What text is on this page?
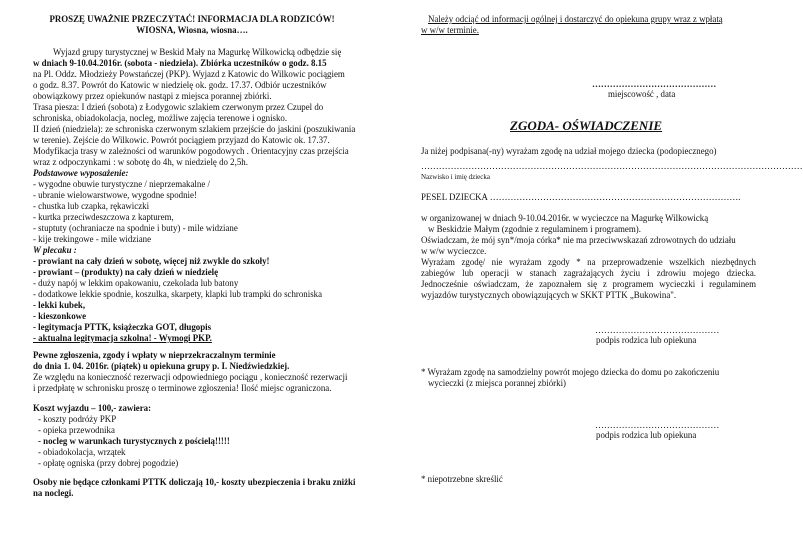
PROSZĘ UWAŻNIE PRZECZYTAĆ! INFORMACJA DLA RODZICÓW!
WIOSNA, Wiosna, wiosna….
Wyjazd grupy turystycznej w Beskid Mały na Magurkę Wilkowicką odbędzie się
w dniach 9-10.04.2016r. (sobota - niedziela). Zbiórka uczestników o godz. 8.15
na Pl. Oddz. Młodzieży Powstańczej (PKP). Wyjazd z Katowic do Wilkowic pociągiem
o godz. 8.37. Powrót do Katowic w niedzielę ok. godz. 17.37. Odbiór uczestników
obowiązkowy przez opiekunów nastąpi z miejsca porannej zbiórki.
Trasa piesza: I dzień (sobota) z Łodygowic szlakiem czerwonym przez Czupel do
schroniska, obiadokolacja, nocleg, możliwe zajęcia terenowe i ognisko.
II dzień (niedziela): ze schroniska czerwonym szlakiem przejście do jaskini (poszukiwania
w terenie). Zejście do Wilkowic. Powrót pociągiem przyjazd do Katowic ok. 17.37.
Modyfikacja trasy w zależności od warunków pogodowych . Orientacyjny czas przejścia
wraz z odpoczynkami : w sobotę do 4h, w niedzielę do 2,5h.
Podstawowe wyposażenie:
- wygodne obuwie turystyczne / nieprzemakalne /
- ubranie wielowarstwowe, wygodne spodnie!
- chustka lub czapka, rękawiczki
- kurtka przeciwdeszczowa z kapturem,
- stuptuty (ochraniacze na spodnie i buty) - mile widziane
- kije trekingowe - mile widziane
W plecaku :
- prowiant na cały dzień w sobotę, więcej niż zwykle do szkoły!
- prowiant – (produkty) na cały dzień w niedzielę
- duży napój w lekkim opakowaniu, czekolada lub batony
- dodatkowe lekkie spodnie, koszulka, skarpety, klapki lub trampki do schroniska
- lekki kubek,
- kieszonkowe
- legitymacja PTTK, książeczka GOT, długopis
- aktualna legitymacja szkolna! - Wymogi PKP.
Pewne zgłoszenia, zgody i wpłaty w nieprzekraczalnym terminie
do dnia 1. 04. 2016r. (piątek) u opiekuna grupy p. I. Niedźwiedzkiej.
Ze względu na konieczność rezerwacji odpowiedniego pociągu , konieczność rezerwacji
i przedpłatę w schronisku proszę o terminowe zgłoszenia! Ilość miejsc ograniczona.
Koszt wyjazdu – 100,- zawiera:
- koszty podróży PKP
- opieka przewodnika
- nocleg w warunkach turystycznych z pościelą!!!!!
- obiadokolacja, wrzątek
- opłatę ogniska (przy dobrej pogodzie)
Osoby nie będące członkami PTTK doliczają 10,- koszty ubezpieczenia i braku zniżki
na noclegi.
Należy odciąć od informacji ogólnej i dostarczyć do opiekuna grupy wraz z wpłatą
w w/w terminie.
……………………………………
miejscowość , data
ZGODA- OŚWIADCZENIE
Ja niżej podpisana(-ny) wyrażam zgodę na udział mojego dziecka (podopiecznego)
…………………………………………………………………………………………………………………
Nazwisko i imię dziecka
PESEL DZIECKA ………………………………………………………………………….
w organizowanej w dniach 9-10.04.2016r. w wycieczce na Magurkę Wilkowicką
w Beskidzie Małym (zgodnie z regulaminem i programem).
Oświadczam, że mój syn*/moja córka* nie ma przeciwwskazań zdrowotnych do udziału
w w/w wycieczce.
Wyrażam zgodę/ nie wyrażam zgody * na przeprowadzenie wszelkich niezbędnych
zabiegów lub operacji w stanach zagrażających życiu i zdrowiu mojego dziecka.
Jednocześnie oświadczam, że zapoznałem się z programem wycieczki i regulaminem
wyjazdów turystycznych obowiązujących w SKKT PTTK „Bukowina".
……………………………………
podpis rodzica lub opiekuna
* Wyrażam zgodę na samodzielny powrót mojego dziecka do domu po zakończeniu
wycieczki (z miejsca porannej zbiórki)
……………………………………
podpis rodzica lub opiekuna
* niepotrzebne skreślić
